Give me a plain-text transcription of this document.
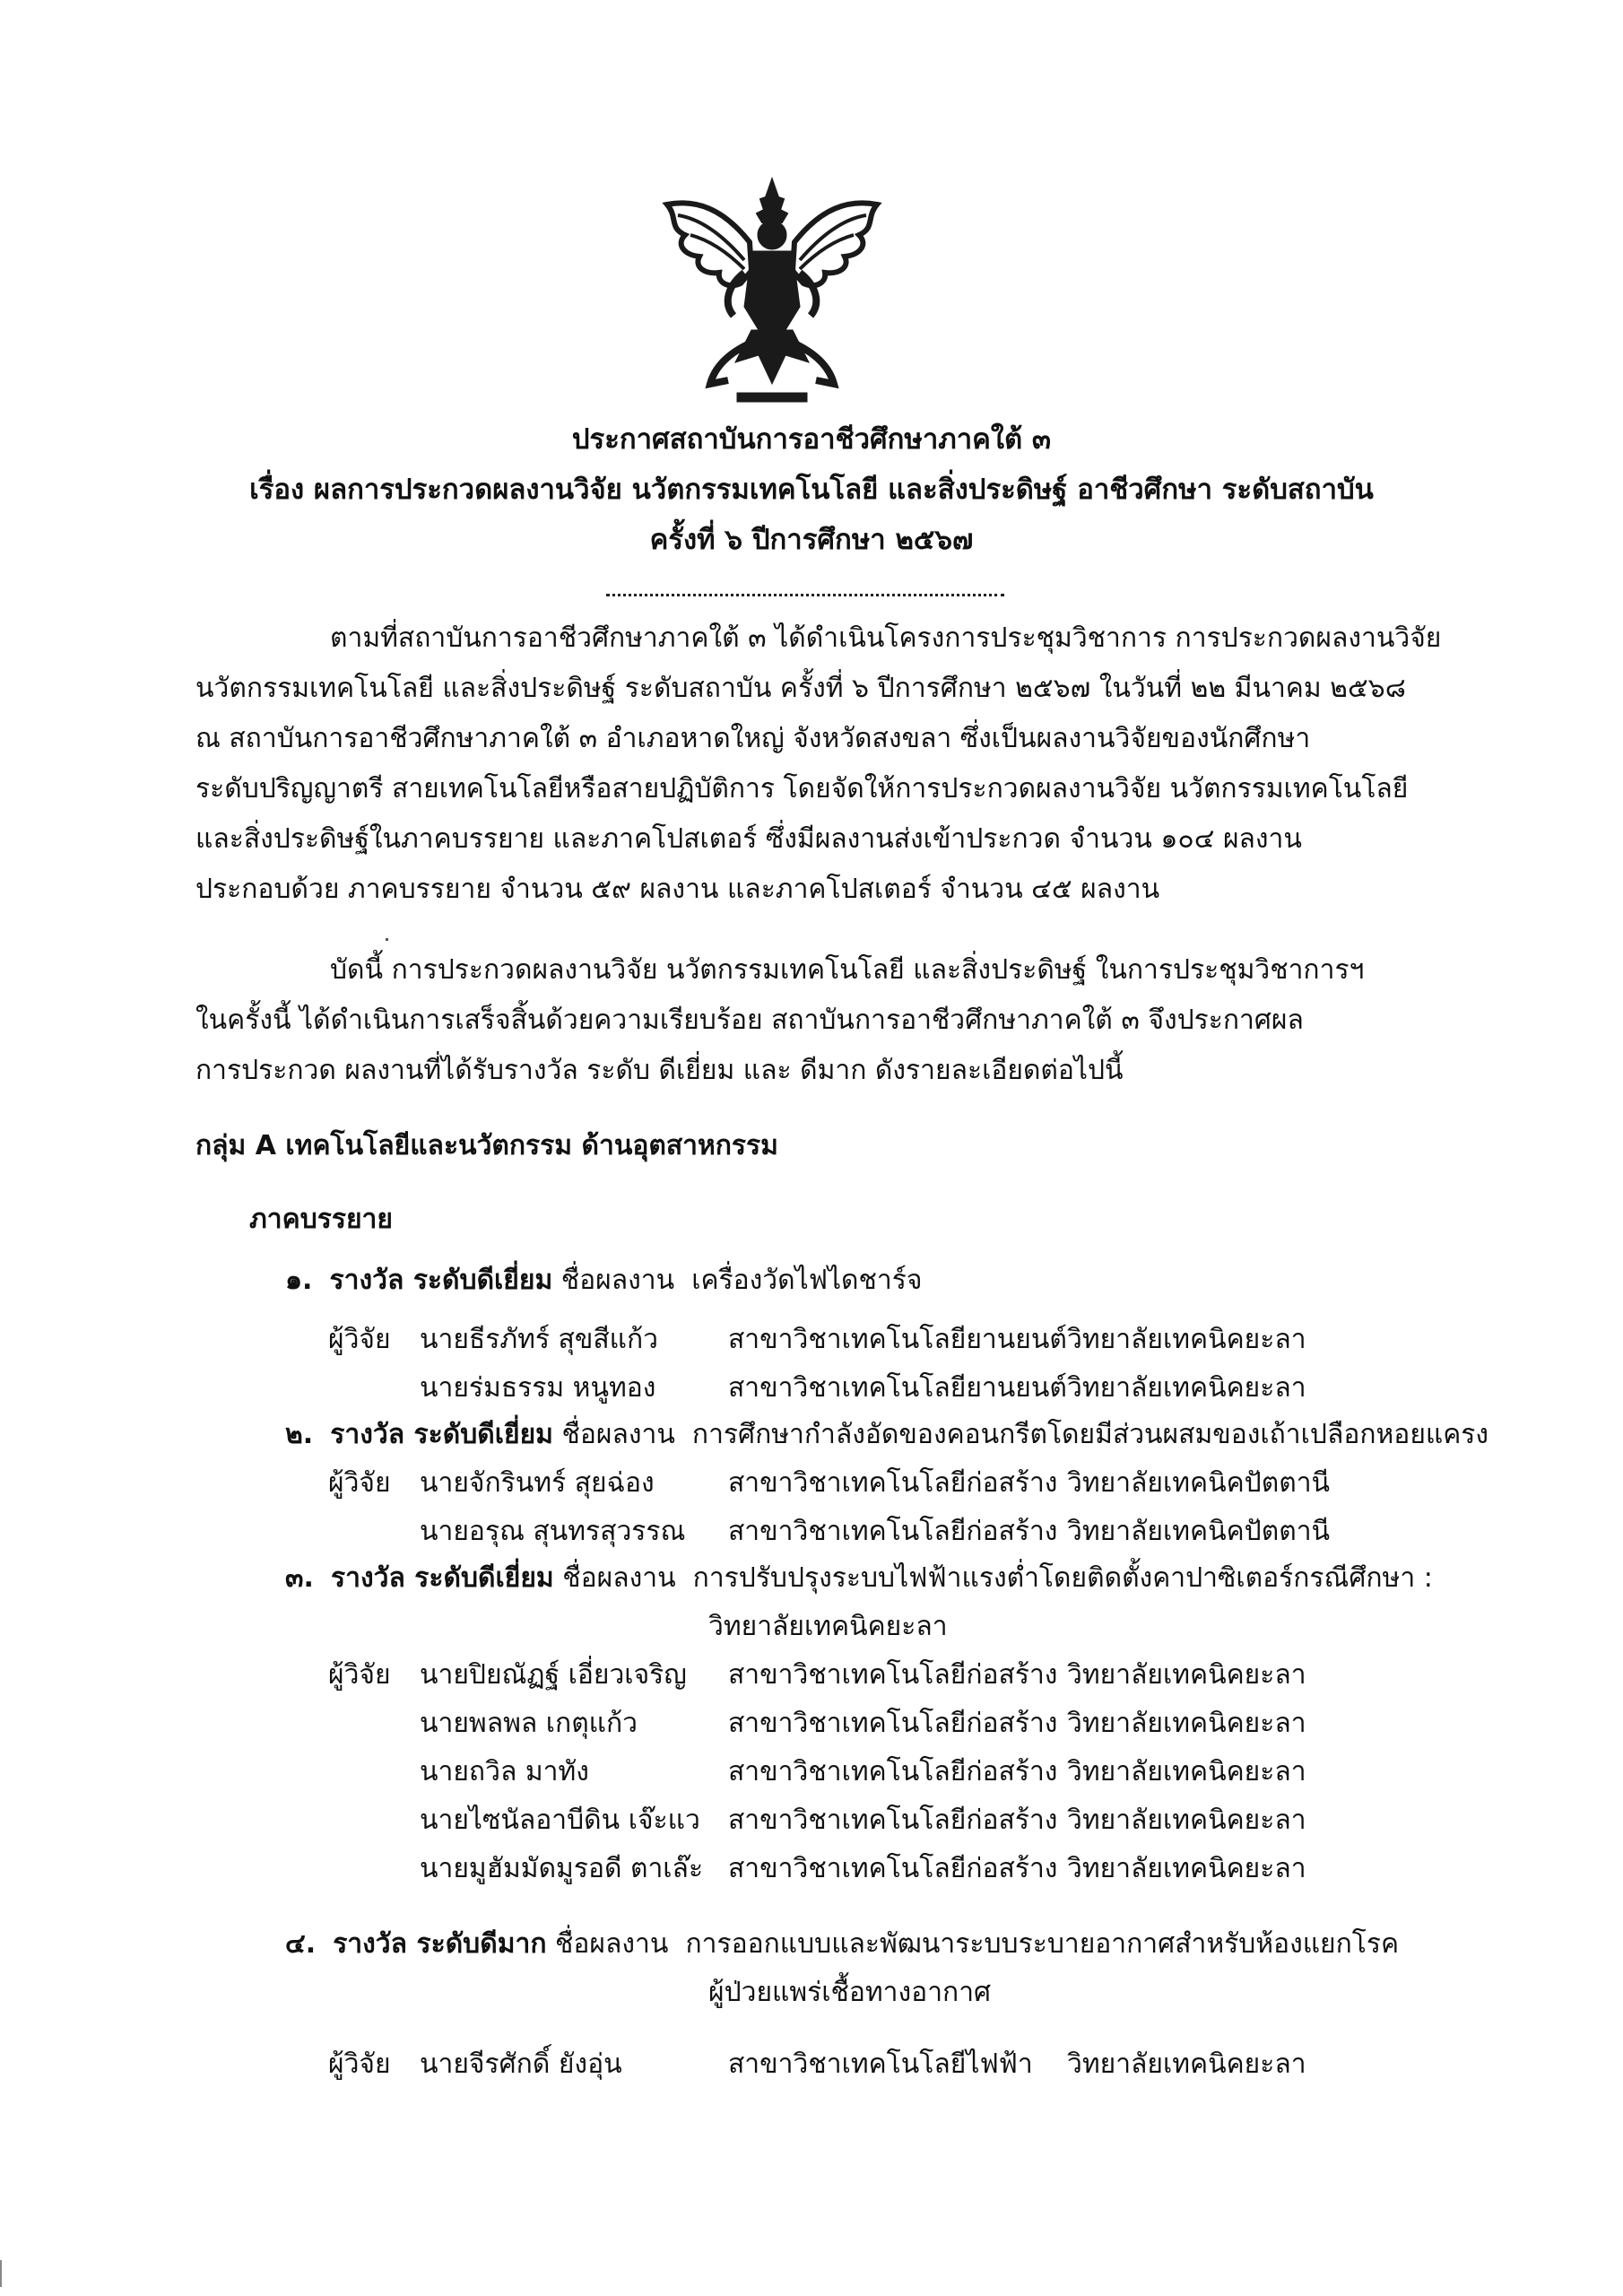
ประกาศสถาบันการอาชีวศึกษาภาคใต้ ๓
เรื่อง ผลการประกวดผลงานวิจัย นวัตกรรมเทคโนโลยี และสิ่งประดิษฐ์ อาชีวศึกษา ระดับสถาบัน
ครั้งที่ ๖ ปีการศึกษา ๒๕๖๗
ตามที่สถาบันการอาชีวศึกษาภาคใต้ ๓ ได้ดำเนินโครงการประชุมวิชาการ การประกวดผลงานวิจัย
นวัตกรรมเทคโนโลยี และสิ่งประดิษฐ์ ระดับสถาบัน ครั้งที่ ๖ ปีการศึกษา ๒๕๖๗ ในวันที่ ๒๒ มีนาคม ๒๕๖๘
ณ สถาบันการอาชีวศึกษาภาคใต้ ๓ อำเภอหาดใหญ่ จังหวัดสงขลา ซึ่งเป็นผลงานวิจัยของนักศึกษา
ระดับปริญญาตรี สายเทคโนโลยีหรือสายปฏิบัติการ โดยจัดให้การประกวดผลงานวิจัย นวัตกรรมเทคโนโลยี
และสิ่งประดิษฐ์ในภาคบรรยาย และภาคโปสเตอร์ ซึ่งมีผลงานส่งเข้าประกวด จำนวน ๑๐๔ ผลงาน
ประกอบด้วย ภาคบรรยาย จำนวน ๕๙ ผลงาน และภาคโปสเตอร์ จำนวน ๔๕ ผลงาน
บัดนี้ การประกวดผลงานวิจัย นวัตกรรมเทคโนโลยี และสิ่งประดิษฐ์ ในการประชุมวิชาการฯ
ในครั้งนี้ ได้ดำเนินการเสร็จสิ้นด้วยความเรียบร้อย สถาบันการอาชีวศึกษาภาคใต้ ๓ จึงประกาศผล
การประกวด ผลงานที่ได้รับรางวัล ระดับ ดีเยี่ยม และ ดีมาก ดังรายละเอียดต่อไปนี้
กลุ่ม A เทคโนโลยีและนวัตกรรม ด้านอุตสาหกรรม
ภาคบรรยาย
๑. รางวัล ระดับดีเยี่ยม ชื่อผลงาน เครื่องวัดไฟไดชาร์จ
ผู้วิจัย นายธีรภัทร์ สุขสีแก้ว	สาขาวิชาเทคโนโลยียานยนต์ วิทยาลัยเทคนิคยะลา
นายร่มธรรม หนูทอง	สาขาวิชาเทคโนโลยียานยนต์ วิทยาลัยเทคนิคยะลา
๒. รางวัล ระดับดีเยี่ยม ชื่อผลงาน การศึกษากำลังอัดของคอนกรีตโดยมีส่วนผสมของเถ้าเปลือกหอยแครง
ผู้วิจัย นายจักรินทร์ สุยฉ่อง	สาขาวิชาเทคโนโลยีก่อสร้าง วิทยาลัยเทคนิคปัตตานี
นายอรุณ สุนทรสุวรรณ สาขาวิชาเทคโนโลยีก่อสร้าง วิทยาลัยเทคนิคปัตตานี
๓. รางวัล ระดับดีเยี่ยม ชื่อผลงาน การปรับปรุงระบบไฟฟ้าแรงต่ำโดยติดตั้งคาปาซิเตอร์กรณีศึกษา :
วิทยาลัยเทคนิคยะลา
ผู้วิจัย นายปิยณัฏฐ์ เอี่ยวเจริญ สาขาวิชาเทคโนโลยีก่อสร้าง วิทยาลัยเทคนิคยะลา
นายพลพล เกตุแก้ว	สาขาวิชาเทคโนโลยีก่อสร้าง วิทยาลัยเทคนิคยะลา
นายถวิล มาทัง	สาขาวิชาเทคโนโลยีก่อสร้าง วิทยาลัยเทคนิคยะลา
นายไซนัลอาบีดิน เจ๊ะแว สาขาวิชาเทคโนโลยีก่อสร้าง วิทยาลัยเทคนิคยะลา
นายมูฮัมมัดมูรอดี ตาเล๊ะ สาขาวิชาเทคโนโลยีก่อสร้าง วิทยาลัยเทคนิคยะลา
๔. รางวัล ระดับดีมาก ชื่อผลงาน การออกแบบและพัฒนาระบบระบายอากาศสำหรับห้องแยกโรค
ผู้ป่วยแพร่เชื้อทางอากาศ
ผู้วิจัย นายจีรศักดิ์ ยังอุ่น	สาขาวิชาเทคโนโลยีไฟฟ้า วิทยาลัยเทคนิคยะลา
